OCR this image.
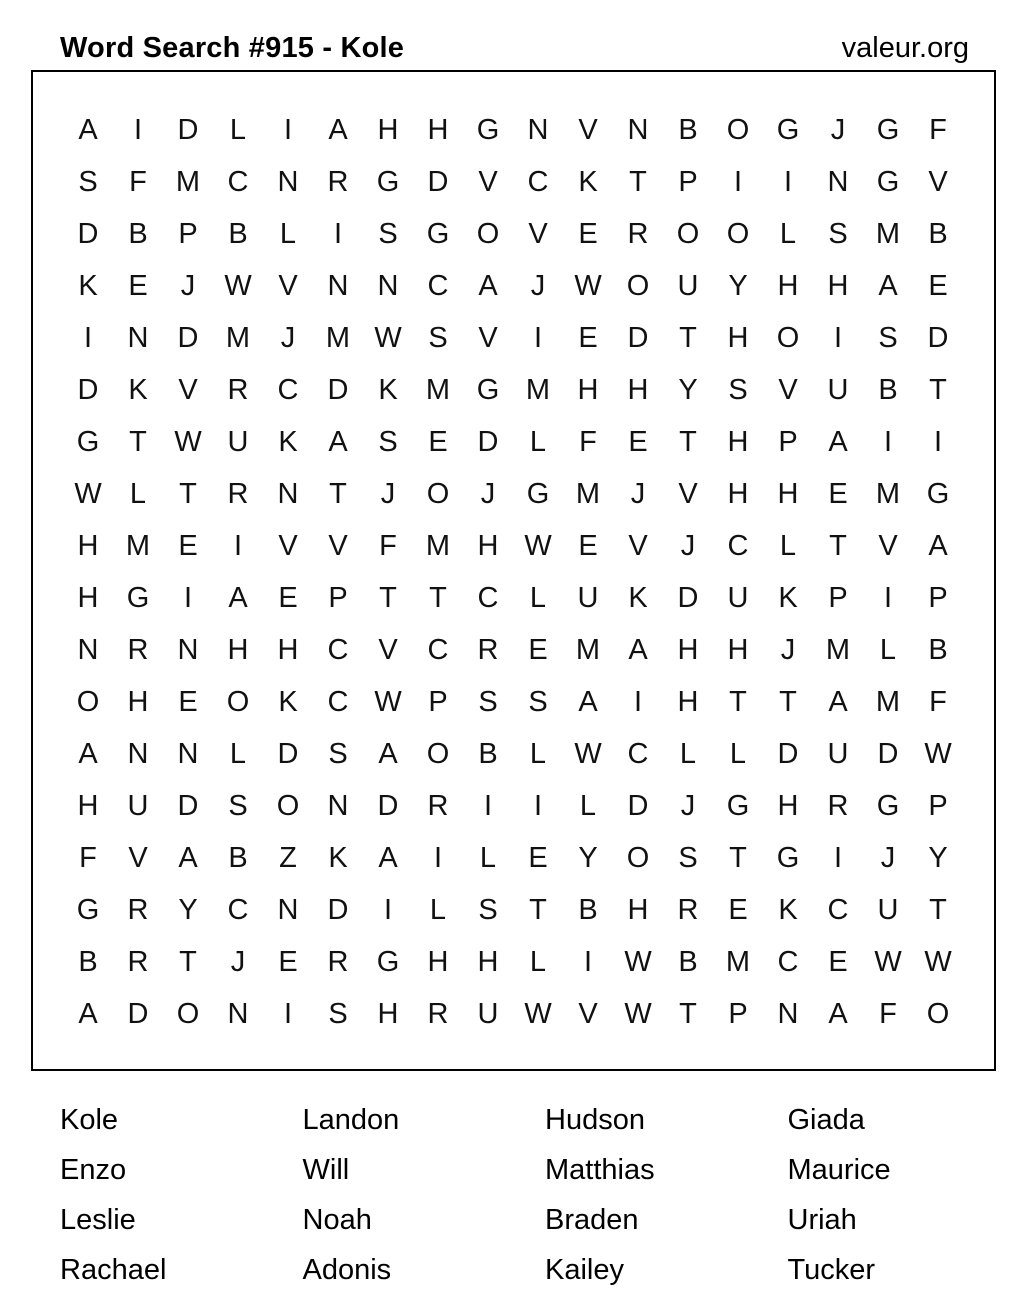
Word Search #915 - Kole	valeur.org
A	I	D	L	I	A	H	H G N	V	N	B	O G	J	G	F
S	F	M C	N	R G D	V	C	K	T	P	I	I	N G	V
D	B	P	B	L	I	S	G O	V	E	R O O	L	S M B
K	E	J	W V	N	N	C	A	J	W O U	Y	H	H	A	E
I	N	D M	J	M W S	V	I	E	D	T	H O	I	S	D
D	K	V	R	C	D	K M G M H	H	Y	S	V	U	B	T
G	T W U	K	A	S	E	D	L	F	E	T	H	P	A	I	I
W L	T	R	N	T	J	O	J	G M	J	V	H	H	E M G
H M E	I	V	V	F	M H W E	V	J	C	L	T	V	A
H G	I	A	E	P	T	T	C	L	U	K	D	U	K	P	I	P
N	R	N	H	H	C	V	C	R	E M A	H	H	J	M	L	B
O H	E	O	K	C W P	S	S	A	I	H	T	T	A M	F
A	N	N	L	D	S	A	O	B	L W C	L	L	D	U	D W
H	U	D	S	O N	D	R	I	I	L	D	J	G H	R G	P
F	V	A	B	Z	K	A	I	L	E	Y	O	S	T	G	I	J	Y
G R	Y	C	N	D	I	L	S	T	B	H	R	E	K	C	U	T
B	R	T	J	E	R G H	H	L	I	W B M C	E W W
A	D O N	I	S	H	R	U W V W T	P	N	A	F	O
Kole	Landon	Hudson	Giada
Enzo	Will	Matthias	Maurice
Leslie	Noah	Braden	Uriah
Rachael	Adonis	Kailey	Tucker
